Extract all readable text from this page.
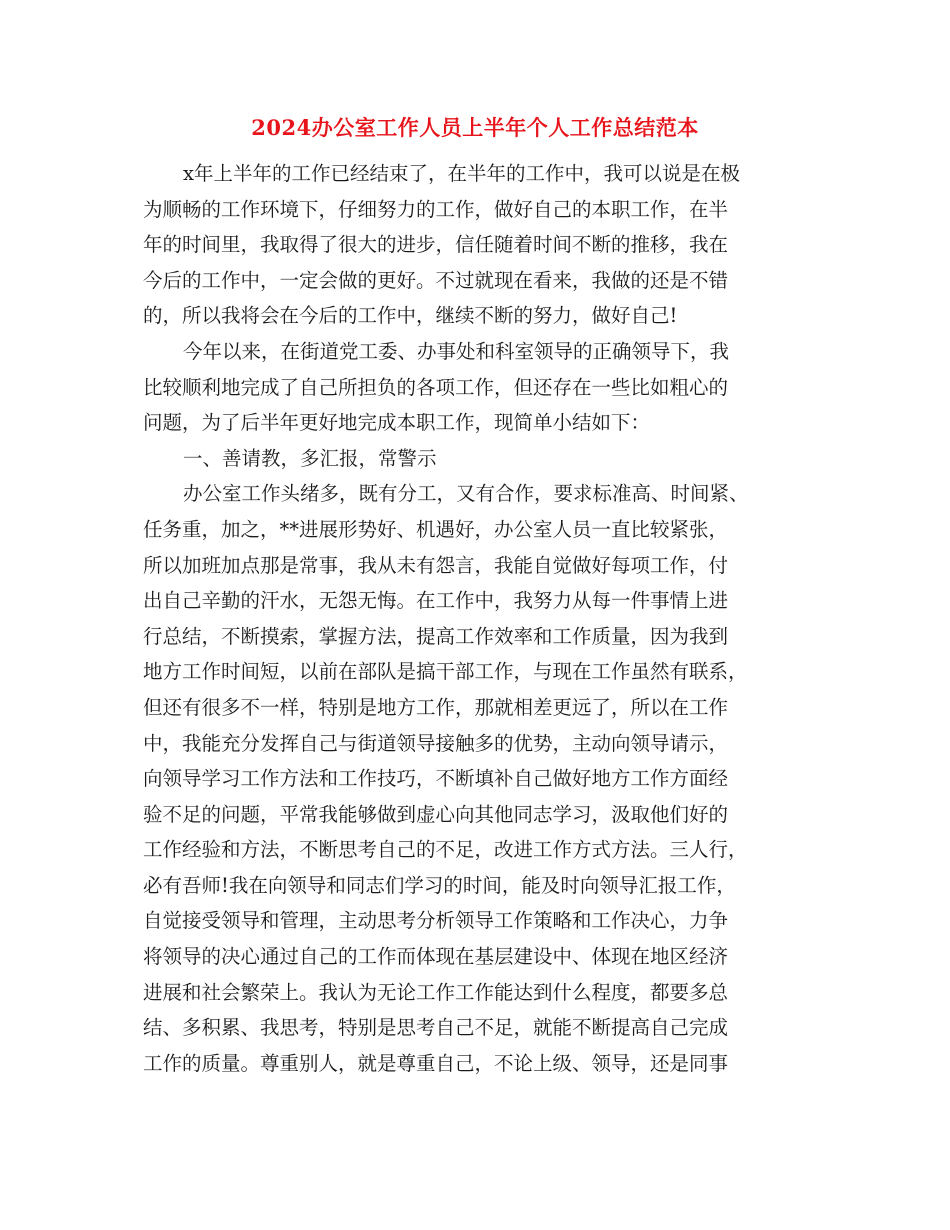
2024办公室工作人员上半年个人工作总结范本

x年上半年的工作已经结束了，在半年的工作中，我可以说是在极
为顺畅的工作环境下，仔细努力的工作，做好自己的本职工作，在半
年的时间里，我取得了很大的进步，信任随着时间不断的推移，我在
今后的工作中，一定会做的更好。不过就现在看来，我做的还是不错
的，所以我将会在今后的工作中，继续不断的努力，做好自己!

今年以来，在街道党工委、办事处和科室领导的正确领导下，我
比较顺利地完成了自己所担负的各项工作，但还存在一些比如粗心的
问题，为了后半年更好地完成本职工作，现简单小结如下：

一、善请教，多汇报，常警示

办公室工作头绪多，既有分工，又有合作，要求标准高、时间紧、
任务重，加之，**进展形势好、机遇好，办公室人员一直比较紧张，
所以加班加点那是常事，我从未有怨言，我能自觉做好每项工作，付
出自己辛勤的汗水，无怨无悔。在工作中，我努力从每一件事情上进
行总结，不断摸索，掌握方法，提高工作效率和工作质量，因为我到
地方工作时间短，以前在部队是搞干部工作，与现在工作虽然有联系，
但还有很多不一样，特别是地方工作，那就相差更远了，所以在工作
中，我能充分发挥自己与街道领导接触多的优势，主动向领导请示，
向领导学习工作方法和工作技巧，不断填补自己做好地方工作方面经
验不足的问题，平常我能够做到虚心向其他同志学习，汲取他们好的
工作经验和方法，不断思考自己的不足，改进工作方式方法。三人行，
必有吾师!我在向领导和同志们学习的时间，能及时向领导汇报工作，
自觉接受领导和管理，主动思考分析领导工作策略和工作决心，力争
将领导的决心通过自己的工作而体现在基层建设中、体现在地区经济
进展和社会繁荣上。我认为无论工作工作能达到什么程度，都要多总
结、多积累、我思考，特别是思考自己不足，就能不断提高自己完成
工作的质量。尊重别人，就是尊重自己，不论上级、领导，还是同事
